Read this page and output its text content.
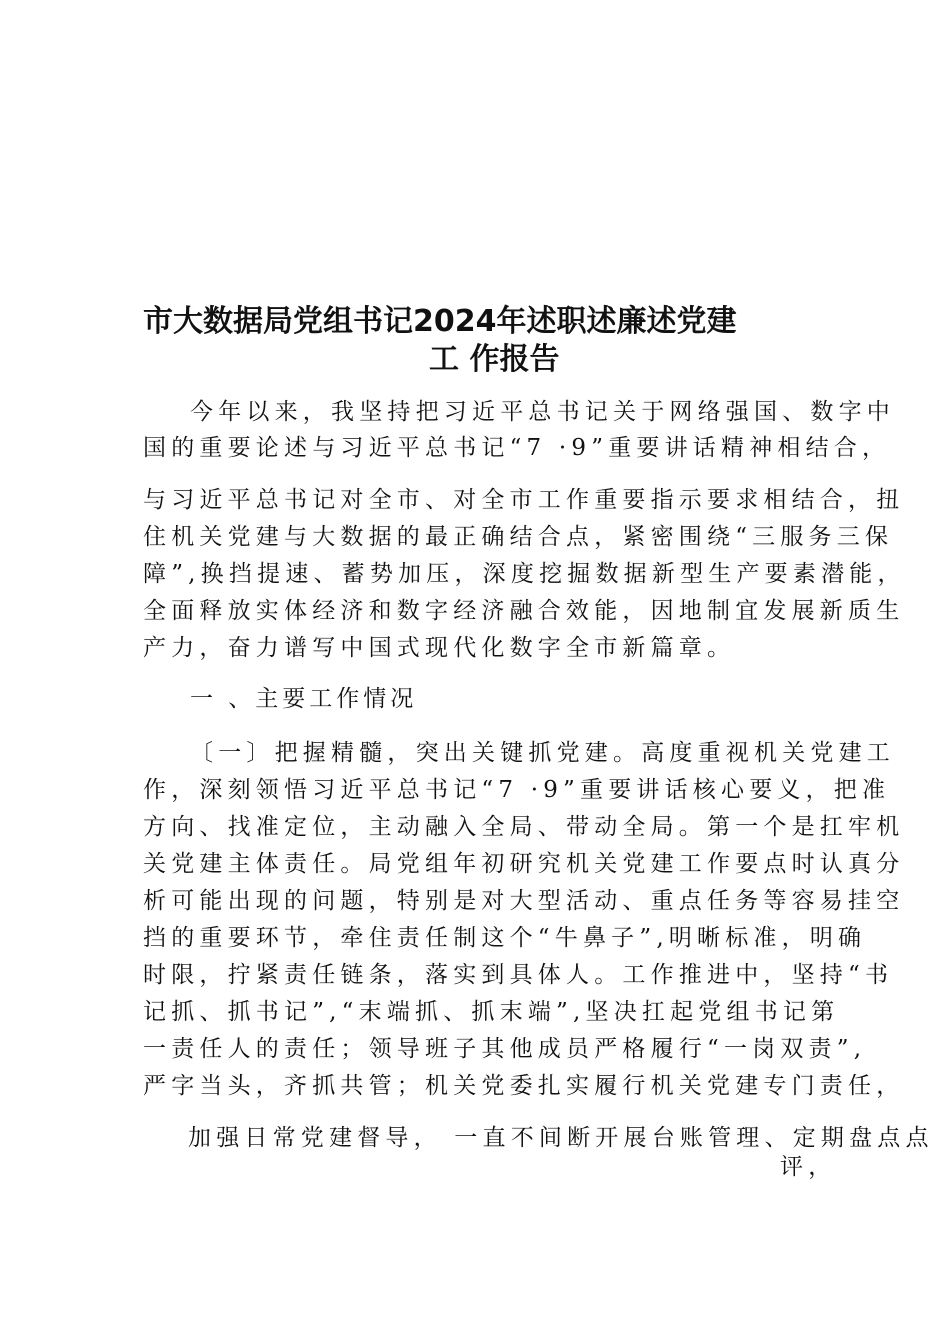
市大数据局党组书记2024年述职述廉述党建
工 作报告
今年以来，我坚持把习近平总书记关于网络强国、数字中
国的重要论述与习近平总书记“7 ·9”重要讲话精神相结合，
与习近平总书记对全市、对全市工作重要指示要求相结合，扭
住机关党建与大数据的最正确结合点，紧密围绕“三服务三保
障”,换挡提速、蓄势加压，深度挖掘数据新型生产要素潜能，
全面释放实体经济和数字经济融合效能，因地制宜发展新质生
产力，奋力谱写中国式现代化数字全市新篇章。
一 、主要工作情况
〔一〕把握精髓，突出关键抓党建。高度重视机关党建工
作，深刻领悟习近平总书记“7 ·9”重要讲话核心要义，把准
方向、找准定位，主动融入全局、带动全局。第一个是扛牢机
关党建主体责任。局党组年初研究机关党建工作要点时认真分
析可能出现的问题，特别是对大型活动、重点任务等容易挂空
挡的重要环节，牵住责任制这个“牛鼻子”,明晰标准，明确
时限，拧紧责任链条，落实到具体人。工作推进中，坚持“书
记抓、抓书记”,“末端抓、抓末端”,坚决扛起党组书记第
一责任人的责任；领导班子其他成员严格履行“一岗双责”,
严字当头，齐抓共管；机关党委扎实履行机关党建专门责任，
加强日常党建督导， 一直不间断开展台账管理、定期盘点点
评，
